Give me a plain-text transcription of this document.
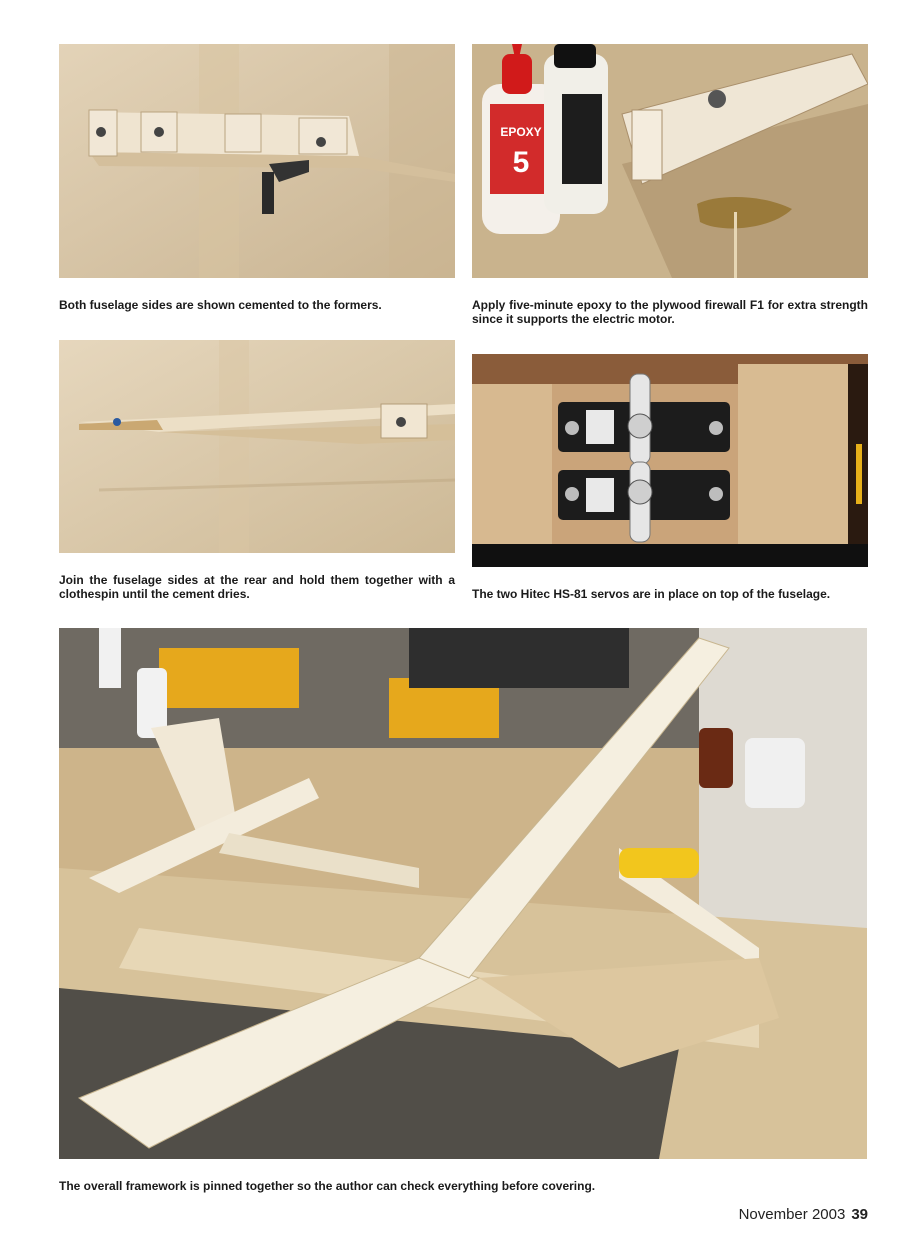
Both fuselage sides are shown cemented to the formers.

EPOXY
5

Apply five-minute epoxy to the plywood firewall F1 for extra strength since it supports the electric motor.

Join the fuselage sides at the rear and hold them together with a clothespin until the cement dries.	The two Hitec HS-81 servos are in place on top of the fuselage.

The overall framework is pinned together so the author can check everything before covering.

November 2003 39
